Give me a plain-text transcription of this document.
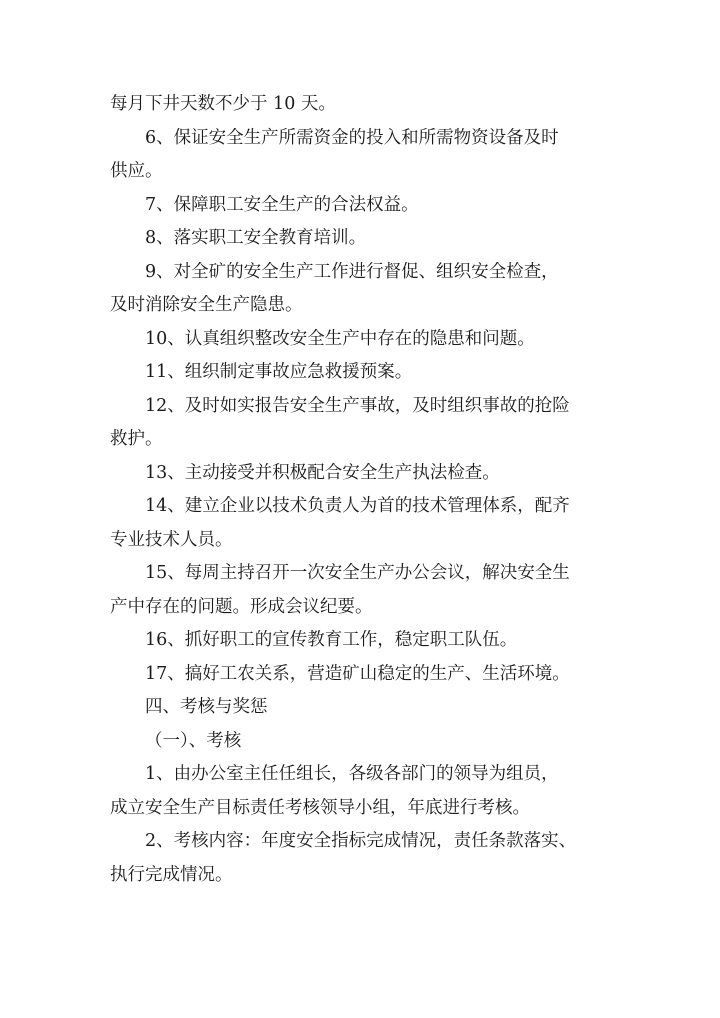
每月下井天数不少于 10 天。

6、保证安全生产所需资金的投入和所需物资设备及时
供应。

7、保障职工安全生产的合法权益。

8、落实职工安全教育培训。

9、对全矿的安全生产工作进行督促、组织安全检查，
及时消除安全生产隐患。

10、认真组织整改安全生产中存在的隐患和问题。

11、组织制定事故应急救援预案。

12、及时如实报告安全生产事故，及时组织事故的抢险
救护。

13、主动接受并积极配合安全生产执法检查。

14、建立企业以技术负责人为首的技术管理体系，配齐
专业技术人员。

15、每周主持召开一次安全生产办公会议，解决安全生
产中存在的问题。形成会议纪要。

16、抓好职工的宣传教育工作，稳定职工队伍。

17、搞好工农关系，营造矿山稳定的生产、生活环境。

四、考核与奖惩

（一）、考核

1、由办公室主任任组长，各级各部门的领导为组员，
成立安全生产目标责任考核领导小组，年底进行考核。

2、考核内容：年度安全指标完成情况，责任条款落实、
执行完成情况。
